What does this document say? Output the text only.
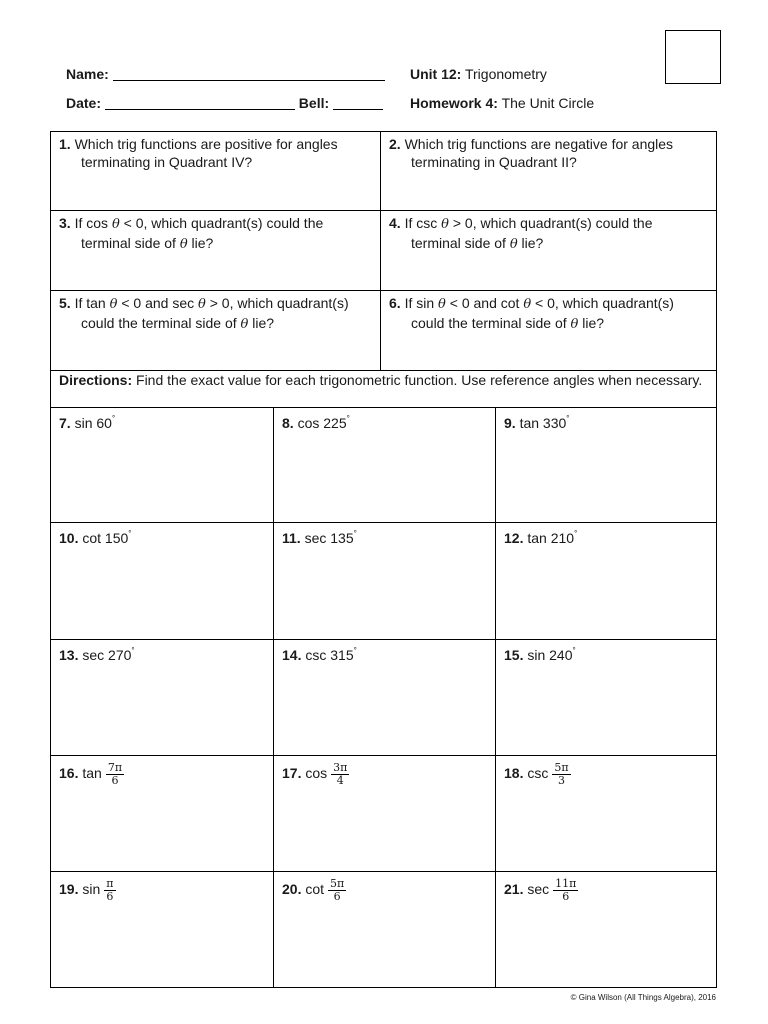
Name:
Date:	Bell:
Unit 12: Trigonometry
Homework 4: The Unit Circle
1. Which trig functions are positive for angles
terminating in Quadrant IV?
2. Which trig functions are negative for angles
terminating in Quadrant II?
3. If cos θ < 0, which quadrant(s) could the
terminal side of θ lie?
4. If csc θ > 0, which quadrant(s) could the
terminal side of θ lie?
5. If tan θ < 0 and sec θ > 0, which quadrant(s)
could the terminal side of θ lie?
6. If sin θ < 0 and cot θ < 0, which quadrant(s)
could the terminal side of θ lie?
Directions: Find the exact value for each trigonometric function. Use reference angles when necessary.
7. sin 60°	8. cos 225°	9. tan 330°
10. cot 150°	11. sec 135°	12. tan 210°
13. sec 270°	14. csc 315°	15. sin 240°
16. $\tan \frac{7\pi}{6}$	17. $\cos \frac{3\pi}{4}$	18. $\csc \frac{5\pi}{3}$
19. $\sin \frac{\pi}{6}$	20. $\cot \frac{5\pi}{6}$	21. $\sec \frac{11\pi}{6}$
© Gina Wilson (All Things Algebra), 2016
